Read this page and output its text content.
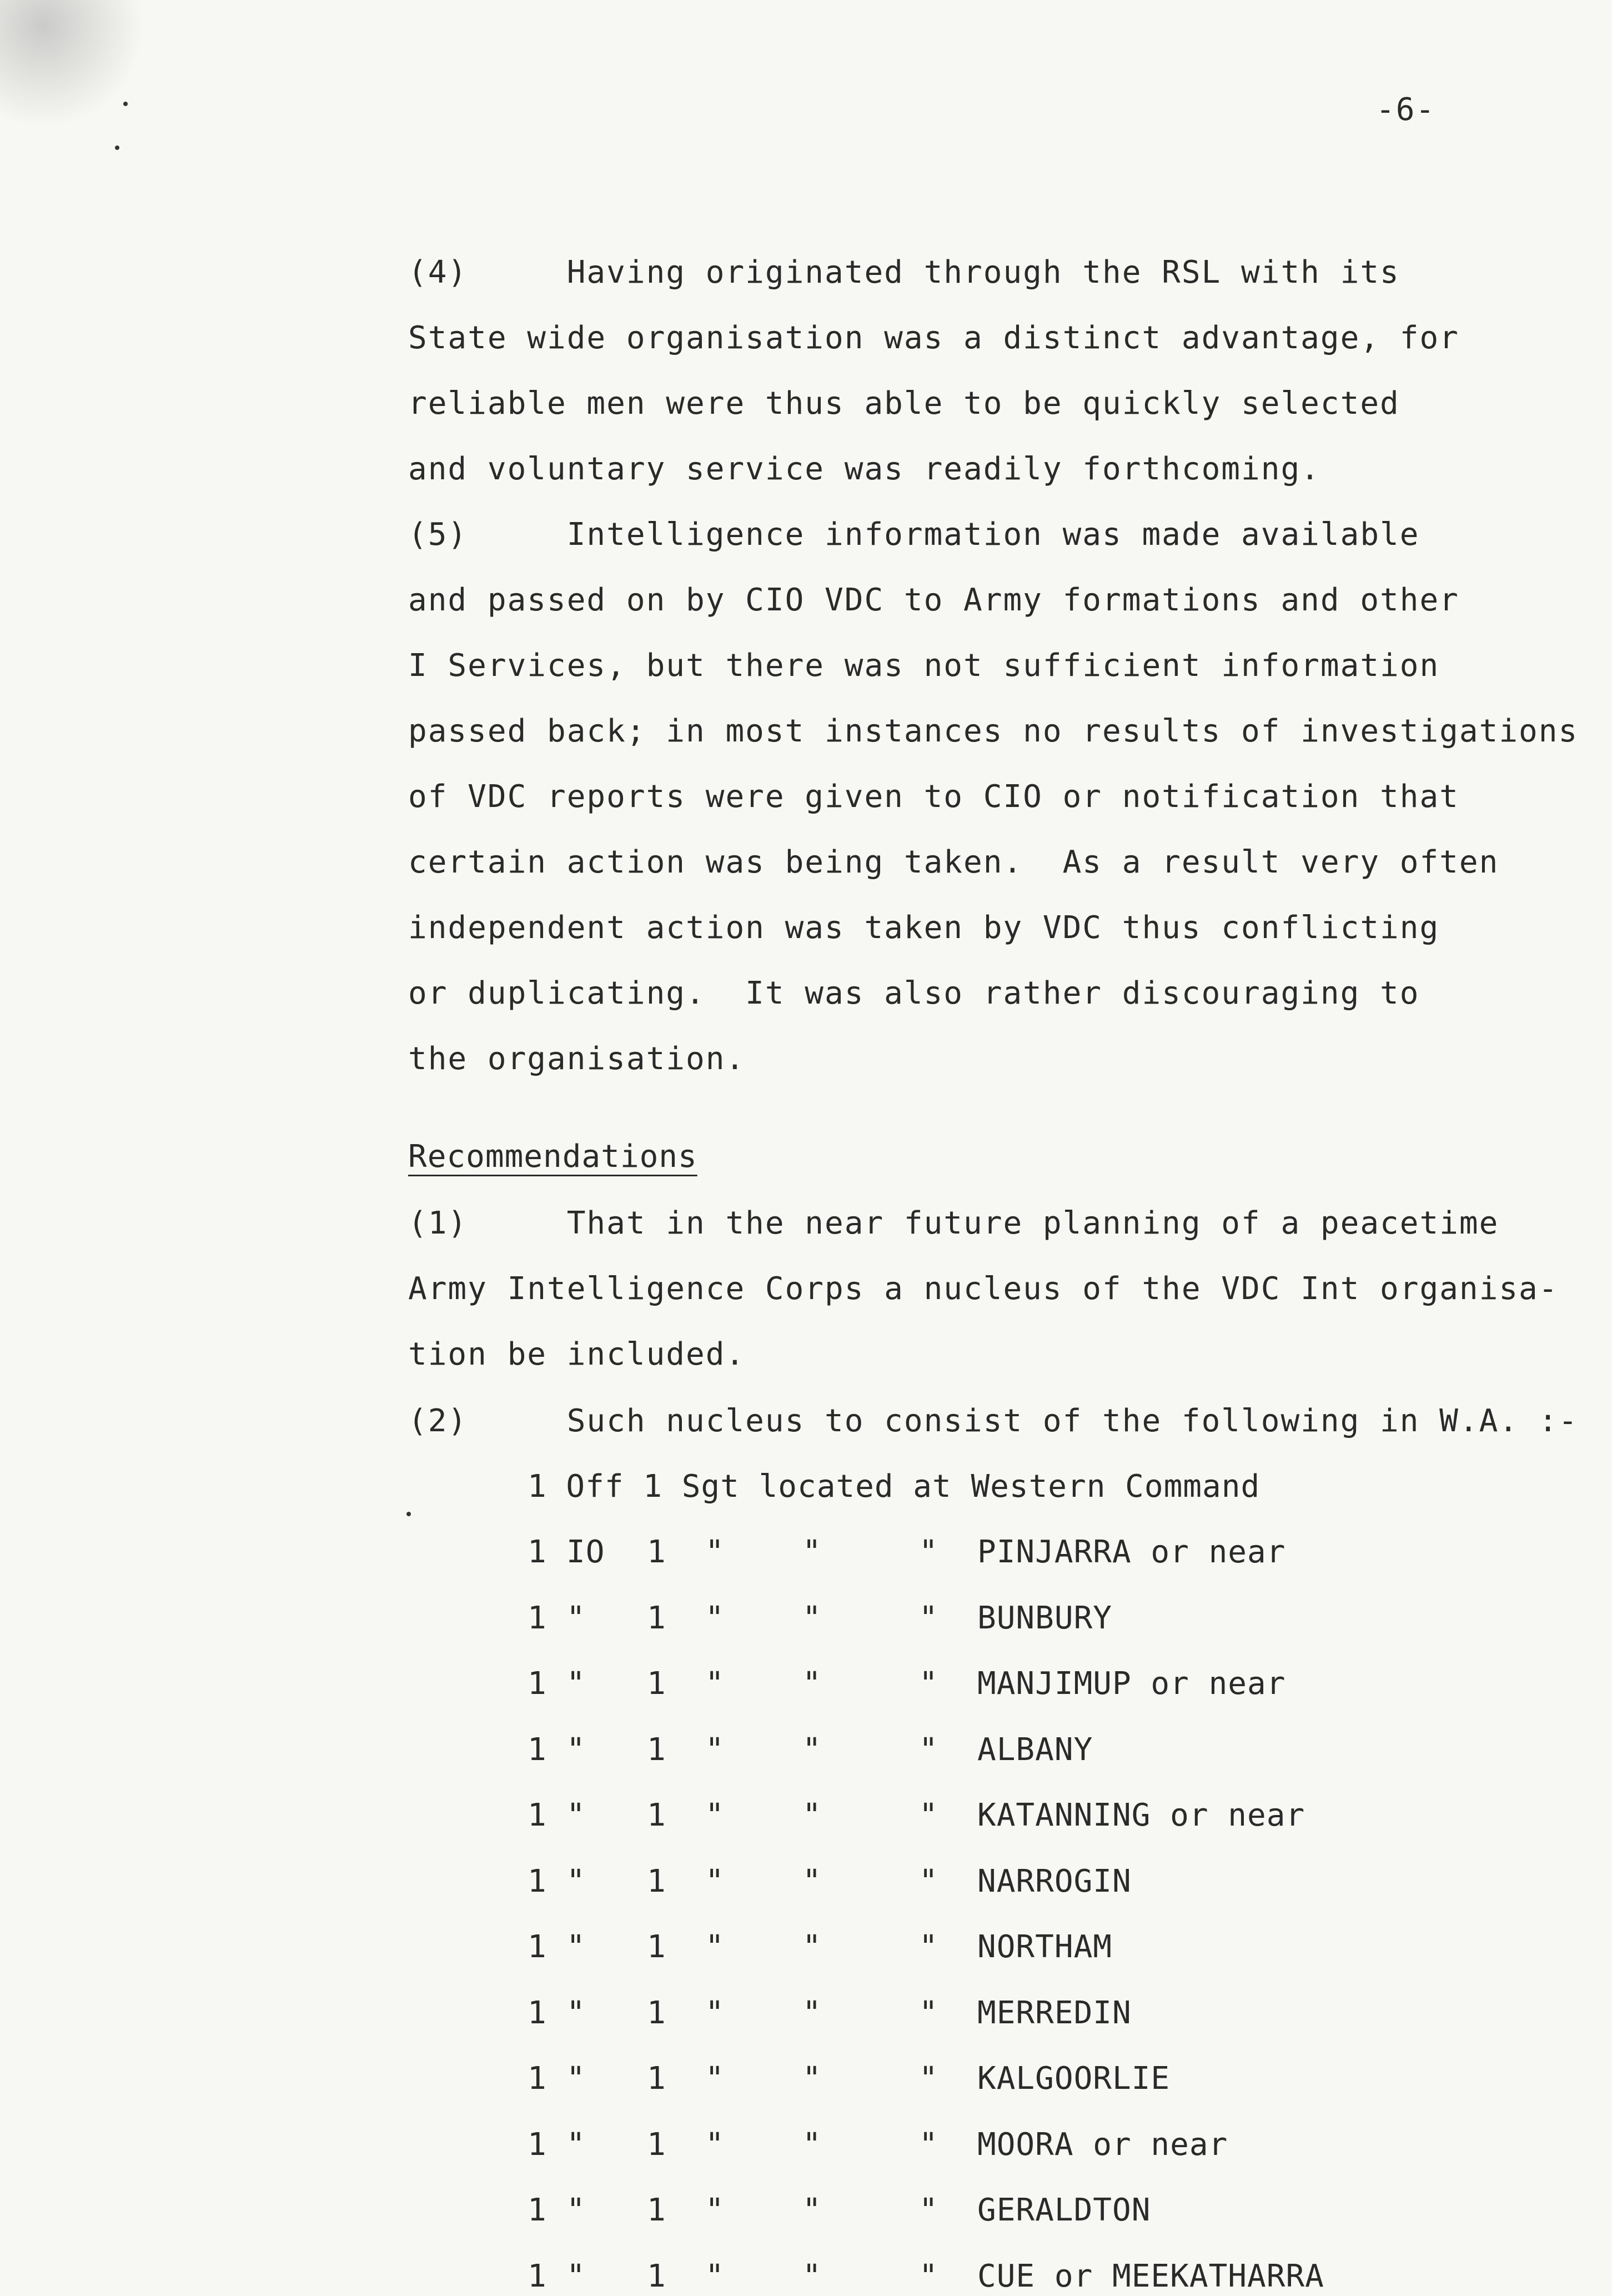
-6-
(4)     Having originated through the RSL with its
State wide organisation was a distinct advantage, for
reliable men were thus able to be quickly selected
and voluntary service was readily forthcoming.
(5)     Intelligence information was made available
and passed on by CIO VDC to Army formations and other
I Services, but there was not sufficient information
passed back; in most instances no results of investigations
of VDC reports were given to CIO or notification that
certain action was being taken.  As a result very often
independent action was taken by VDC thus conflicting
or duplicating.  It was also rather discouraging to
the organisation.
Recommendations
(1)     That in the near future planning of a peacetime
Army Intelligence Corps a nucleus of the VDC Int organisa-
tion be included.
(2)     Such nucleus to consist of the following in W.A. :-
1 Off 1 Sgt located at Western Command
1 IO 1 "	"	" PINJARRA or near
1 " 1 "	"	" BUNBURY
1 " 1 "	"	" MANJIMUP or near
1 " 1 "	"	" ALBANY
1 " 1 "	"	" KATANNING or near
1 " 1 "	"	" NARROGIN
1 " 1 "	"	" NORTHAM
1 " 1 "	"	" MERREDIN
1 " 1 "	"	" KALGOORLIE
1 " 1 "	"	" MOORA or near
1 " 1 "	"	" GERALDTON
1 " 1 "	"	" CUE or MEEKATHARRA
